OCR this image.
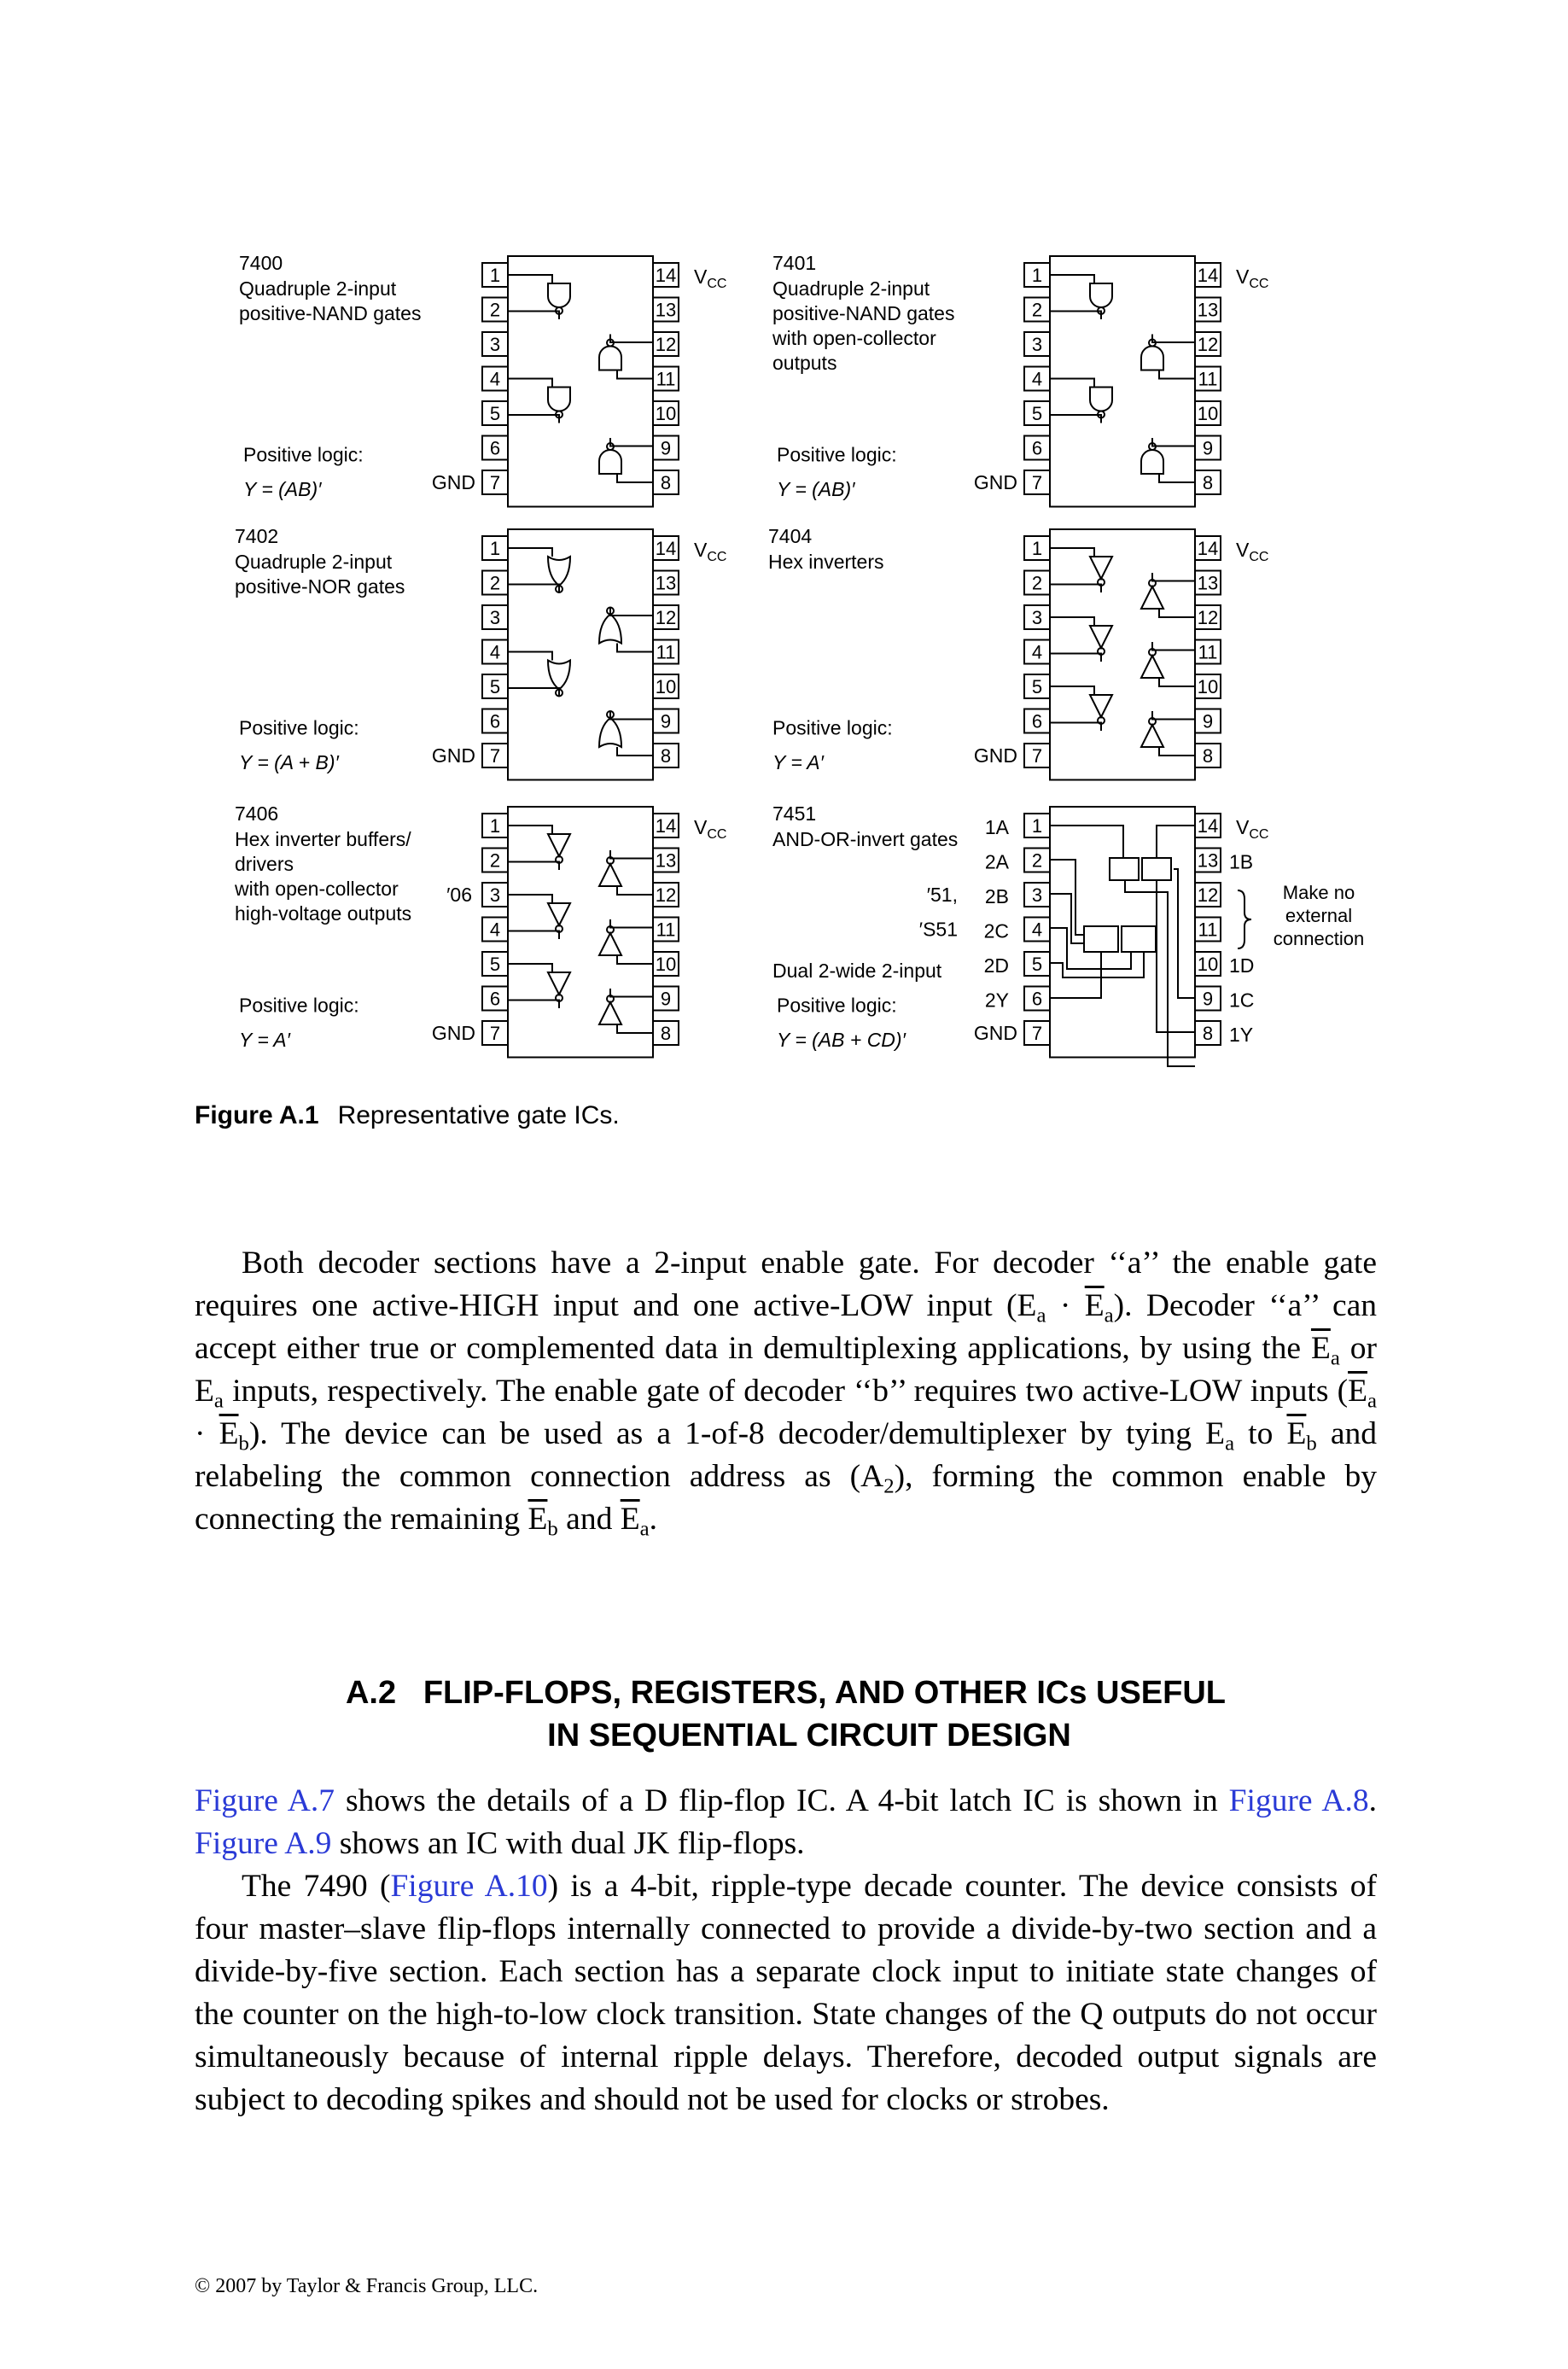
1	14
2	13
3	12
4	11
5	10
6	9
7	8
$V_{CC}$
GND
7400
Quadruple 2-input
positive-NAND gates
Positive logic:
Y = (AB)′
1	14
2	13
3	12
4	11
5	10
6	9
7	8
$V_{CC}$
GND
7401
Quadruple 2-input
positive-NAND gates
with open-collector
outputs
Positive logic:
Y = (AB)′
1	14
2	13
3	12
4	11
5	10
6	9
7	8
$V_{CC}$
GND
7402
Quadruple 2-input
positive-NOR gates
Positive logic:
Y = (A + B)′
1	14
2	13
3	12
4	11
5	10
6	9
7	8
$V_{CC}$
GND
7404
Hex inverters
Positive logic:
Y = A′
1	14
2	13
3	12
4	11
5	10
6	9
7	8
$V_{CC}$
GND
7406
Hex inverter buffers/
drivers
with open-collector
high-voltage outputs
Positive logic:
Y = A′
′06
1	14
2	13
3	12
4	11
5	10
6	9
7	8
$V_{CC}$
GND
7451
AND-OR-invert gates
Positive logic:
Y = (AB + CD)′
′51,
′S51
Dual 2-wide 2-input
1A
2A
2B
2C
2D
2Y
1B
1D
1C
1Y
Make no
external
connection
Figure A.1 Representative gate ICs.
Both decoder sections have a 2-input enable gate. For decoder ‘‘a’’ the enable gate requires one active-HIGH input and one active-LOW input $(E_a \cdot \overline{E}_a)$. Decoder ‘‘a’’ can accept either true or complemented data in demultiplexing applications, by using the $\overline{E}_a$ or $E_a$ inputs, respectively. The enable gate of decoder ‘‘b’’ requires two active-LOW inputs $(\overline{E}_a \cdot \overline{E}_b)$. The device can be used as a 1-of-8 decoder/demultiplexer by tying $E_a$ to $\overline{E}_b$ and relabeling the common connection address as $(A_2)$, forming the common enable by connecting the remaining $\overline{E}_b$ and $\overline{E}_a$.
A.2 FLIP-FLOPS, REGISTERS, AND OTHER ICs USEFUL
IN SEQUENTIAL CIRCUIT DESIGN
Figure A.7 shows the details of a D flip-flop IC. A 4-bit latch IC is shown in Figure A.8. Figure A.9 shows an IC with dual JK flip-flops.
The 7490 (Figure A.10) is a 4-bit, ripple-type decade counter. The device consists of four master–slave flip-flops internally connected to provide a divide-by-two section and a divide-by-five section. Each section has a separate clock input to initiate state changes of the counter on the high-to-low clock transition. State changes of the Q outputs do not occur simultaneously because of internal ripple delays. Therefore, decoded output signals are subject to decoding spikes and should not be used for clocks or strobes.
© 2007 by Taylor & Francis Group, LLC.
